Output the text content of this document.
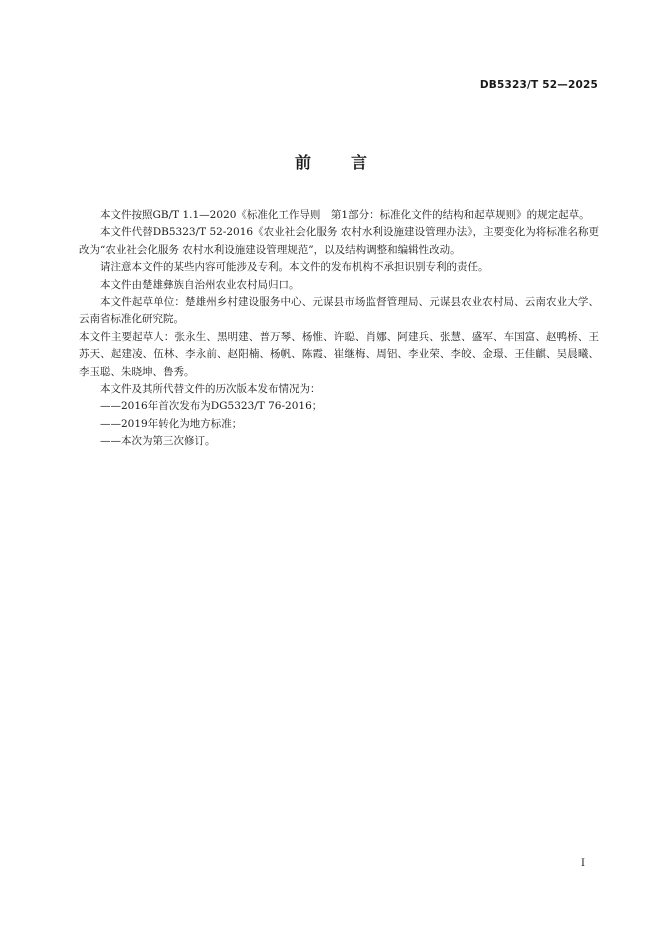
DB5323/T 52—2025
前言

本文件按照GB/T 1.1—2020《标准化工作导则　第1部分：标准化文件的结构和起草规则》的规定起草。

本文件代替DB5323/T 52-2016《农业社会化服务 农村水利设施建设管理办法》，主要变化为将标准名称更改为“农业社会化服务 农村水利设施建设管理规范”，以及结构调整和编辑性改动。

请注意本文件的某些内容可能涉及专利。本文件的发布机构不承担识别专利的责任。

本文件由楚雄彝族自治州农业农村局归口。

本文件起草单位：楚雄州乡村建设服务中心、元谋县市场监督管理局、元谋县农业农村局、云南农业大学、云南省标准化研究院。

本文件主要起草人：张永生、黑明建、普万琴、杨惟、许聪、肖娜、阿建兵、张慧、盛军、车国富、赵鸭桥、王苏天、起建凌、伍林、李永前、赵阳楠、杨帆、陈霞、崔继梅、周铝、李业荣、李皎、金璟、王佳麒、吴晨曦、李玉聪、朱晓坤、鲁秀。

本文件及其所代替文件的历次版本发布情况为：

——2016年首次发布为DG5323/T 76-2016；

——2019年转化为地方标准；

——本次为第三次修订。

I
